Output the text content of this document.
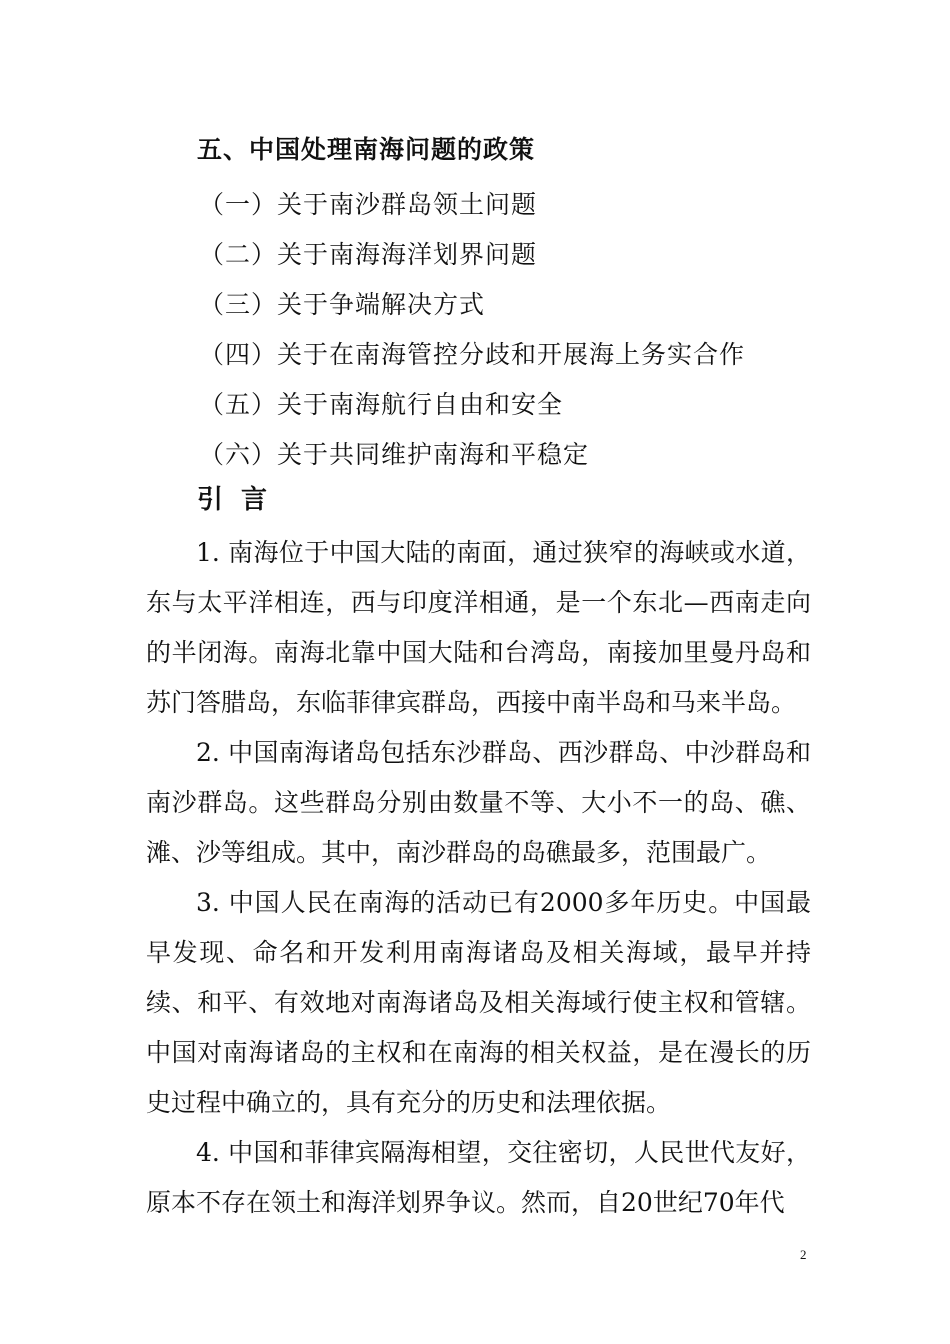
五、中国处理南海问题的政策
（一）关于南沙群岛领土问题
（二）关于南海海洋划界问题
（三）关于争端解决方式
（四）关于在南海管控分歧和开展海上务实合作
（五）关于南海航行自由和安全
（六）关于共同维护南海和平稳定
引言

1. 南海位于中国大陆的南面，通过狭窄的海峡或水道，东与太平洋相连，西与印度洋相通，是一个东北—西南走向的半闭海。南海北靠中国大陆和台湾岛，南接加里曼丹岛和苏门答腊岛，东临菲律宾群岛，西接中南半岛和马来半岛。

2. 中国南海诸岛包括东沙群岛、西沙群岛、中沙群岛和南沙群岛。这些群岛分别由数量不等、大小不一的岛、礁、滩、沙等组成。其中，南沙群岛的岛礁最多，范围最广。

3. 中国人民在南海的活动已有2000多年历史。中国最早发现、命名和开发利用南海诸岛及相关海域，最早并持续、和平、有效地对南海诸岛及相关海域行使主权和管辖。中国对南海诸岛的主权和在南海的相关权益，是在漫长的历史过程中确立的，具有充分的历史和法理依据。

4. 中国和菲律宾隔海相望，交往密切，人民世代友好，原本不存在领土和海洋划界争议。然而，自20世纪70年代

2
